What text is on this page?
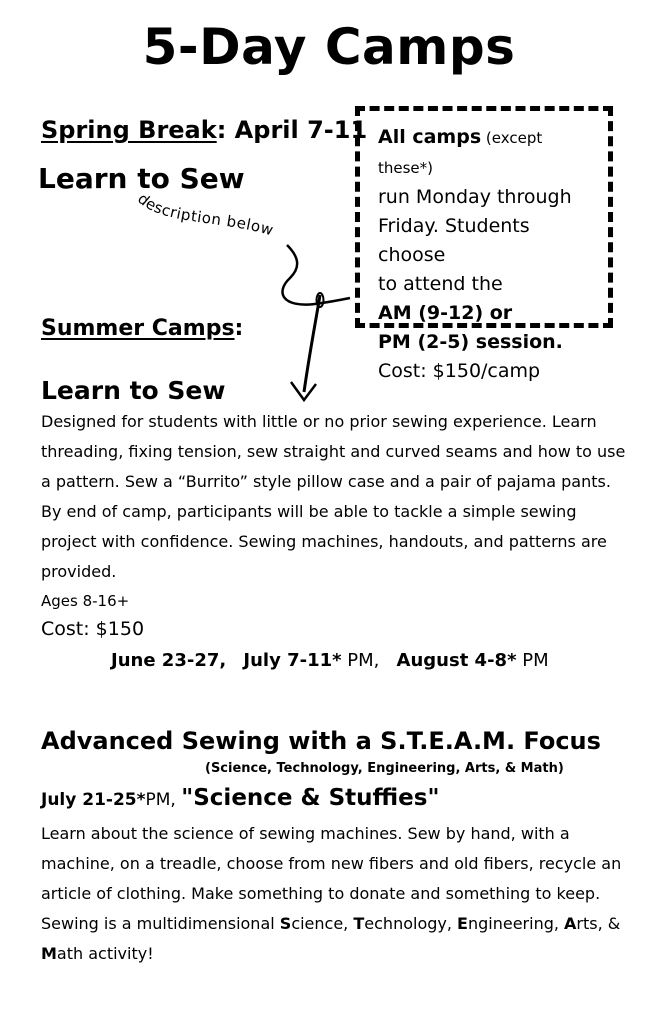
5-Day Camps
Spring Break: April 7-11
Learn to Sew
description below
All camps (except these*)
run Monday through
Friday. Students choose
to attend the
AM (9-12) or
PM (2-5) session.
Cost: $150/camp
Summer Camps:
Learn to Sew
Designed for students with little or no prior sewing experience. Learn threading, fixing tension, sew straight and curved seams and how to use a pattern. Sew a “Burrito” style pillow case and a pair of pajama pants. By end of camp, participants will be able to tackle a simple sewing project with confidence. Sewing machines, handouts, and patterns are provided.
Ages 8-16+
Cost: $150
June 23-27, July 7-11* PM, August 4-8* PM
Advanced Sewing with a S.T.E.A.M. Focus
(Science, Technology, Engineering, Arts, & Math)
July 21-25*PM, "Science & Stuffies"
Learn about the science of sewing machines. Sew by hand, with a machine, on a treadle, choose from new fibers and old fibers, recycle an article of clothing. Make something to donate and something to keep. Sewing is a multidimensional Science, Technology, Engineering, Arts, & Math activity!
